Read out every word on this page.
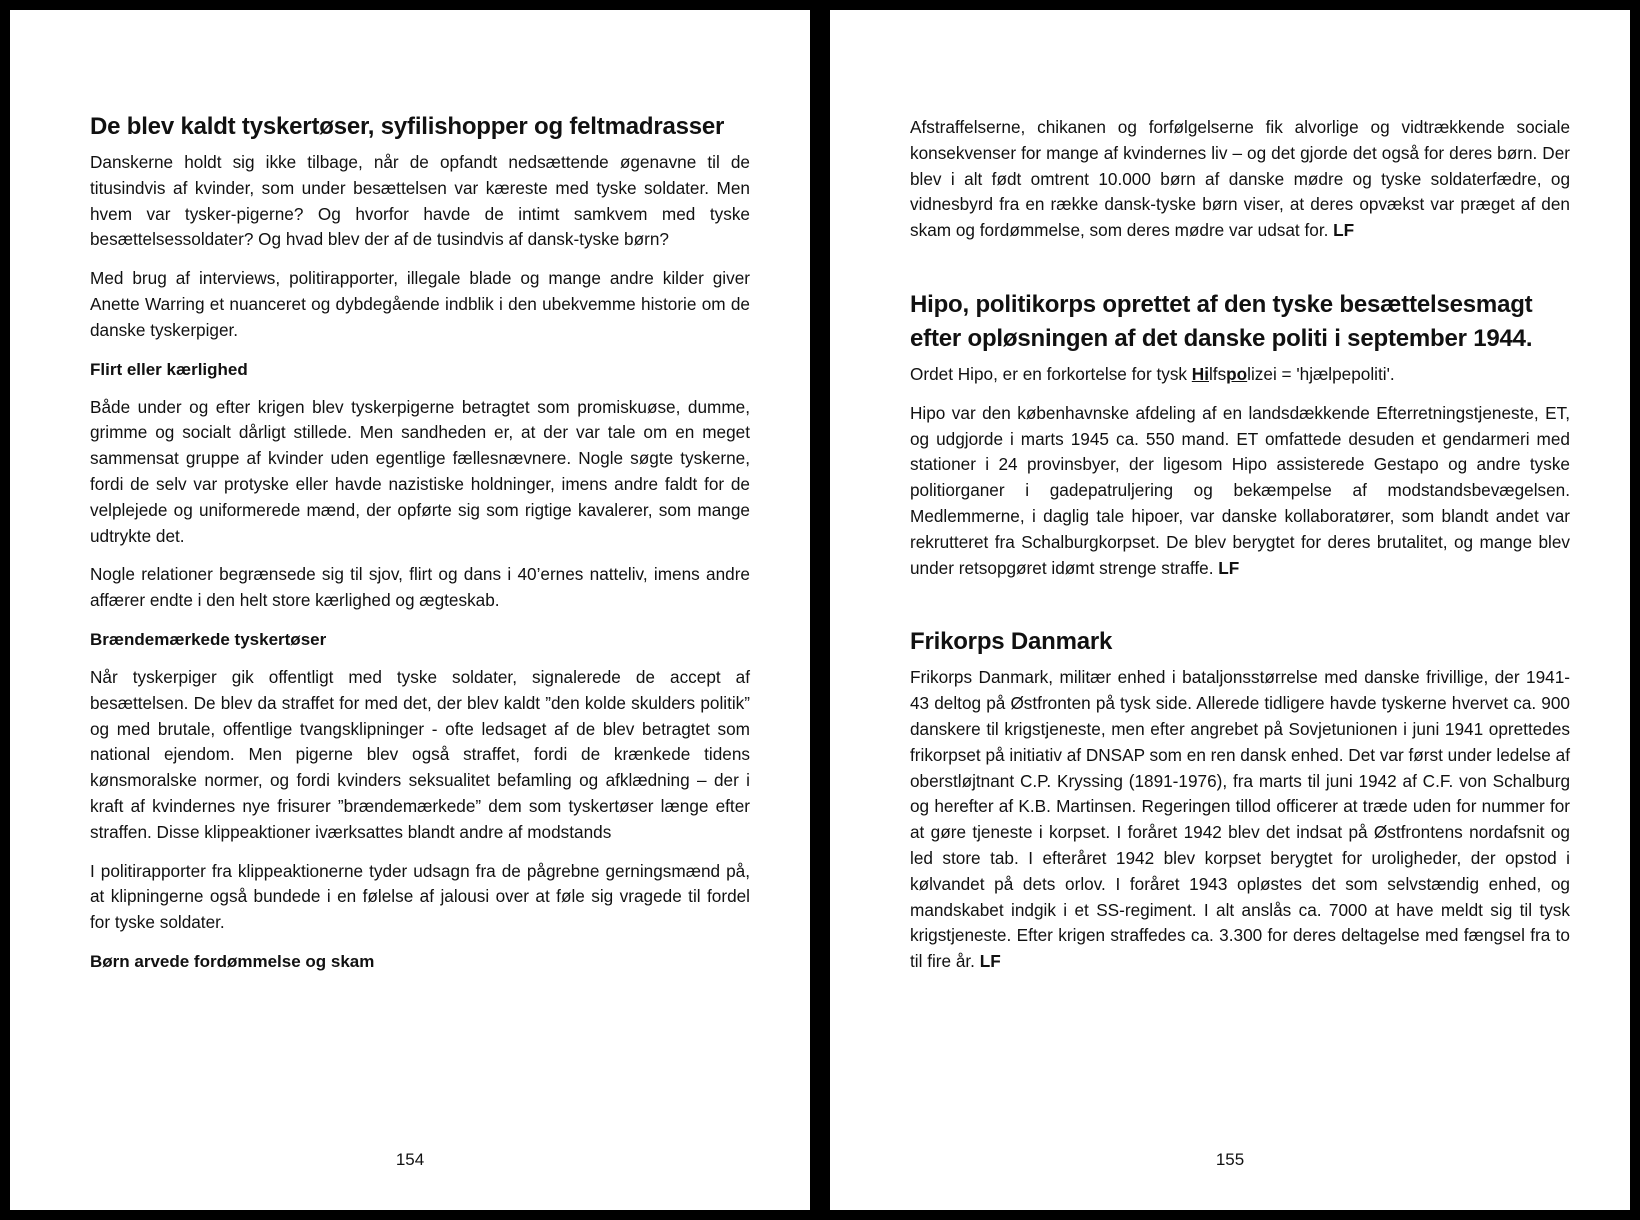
De blev kaldt tyskertøser, syfilishopper og feltmadrasser

Danskerne holdt sig ikke tilbage, når de opfandt nedsættende øgenavne til de titusindvis af kvinder, som under besættelsen var kæreste med tyske soldater. Men hvem var tysker-pigerne? Og hvorfor havde de intimt samkvem med tyske besættelsessoldater? Og hvad blev der af de tusindvis af dansk-tyske børn?

Med brug af interviews, politirapporter, illegale blade og mange andre kilder giver Anette Warring et nuanceret og dybdegående indblik i den ubekvemme historie om de danske tyskerpiger.

Flirt eller kærlighed

Både under og efter krigen blev tyskerpigerne betragtet som promiskuøse, dumme, grimme og socialt dårligt stillede. Men sandheden er, at der var tale om en meget sammensat gruppe af kvinder uden egentlige fællesnævnere. Nogle søgte tyskerne, fordi de selv var protyske eller havde nazistiske holdninger, imens andre faldt for de velplejede og uniformerede mænd, der opførte sig som rigtige kavalerer, som mange udtrykte det.

Nogle relationer begrænsede sig til sjov, flirt og dans i 40’ernes natteliv, imens andre affærer endte i den helt store kærlighed og ægteskab.

Brændemærkede tyskertøser

Når tyskerpiger gik offentligt med tyske soldater, signalerede de accept af besættelsen. De blev da straffet for med det, der blev kaldt ”den kolde skulders politik” og med brutale, offentlige tvangsklipninger - ofte ledsaget af de blev betragtet som national ejendom. Men pigerne blev også straffet, fordi de krænkede tidens kønsmoralske normer, og fordi kvinders seksualitet befamling og afklædning – der i kraft af kvindernes nye frisurer ”brændemærkede” dem som tyskertøser længe efter straffen. Disse klippeaktioner iværksattes blandt andre af modstands

I politirapporter fra klippeaktionerne tyder udsagn fra de pågrebne gerningsmænd på, at klipningerne også bundede i en følelse af jalousi over at føle sig vragede til fordel for tyske soldater.

Børn arvede fordømmelse og skam
154

Afstraffelserne, chikanen og forfølgelserne fik alvorlige og vidtrækkende sociale konsekvenser for mange af kvindernes liv – og det gjorde det også for deres børn. Der blev i alt født omtrent 10.000 børn af danske mødre og tyske soldaterfædre, og vidnesbyrd fra en række dansk-tyske børn viser, at deres opvækst var præget af den skam og fordømmelse, som deres mødre var udsat for. LF

Hipo, politikorps oprettet af den tyske besættelsesmagt efter opløsningen af det danske politi i september 1944.

Ordet Hipo, er en forkortelse for tysk Hilfspolizei = 'hjælpepoliti'.

Hipo var den københavnske afdeling af en landsdækkende Efterretningstjeneste, ET, og udgjorde i marts 1945 ca. 550 mand. ET omfattede desuden et gendarmeri med stationer i 24 provinsbyer, der ligesom Hipo assisterede Gestapo og andre tyske politiorganer i gadepatruljering og bekæmpelse af modstandsbevægelsen. Medlemmerne, i daglig tale hipoer, var danske kollaboratører, som blandt andet var rekrutteret fra Schalburgkorpset. De blev berygtet for deres brutalitet, og mange blev under retsopgøret idømt strenge straffe. LF

Frikorps Danmark

Frikorps Danmark, militær enhed i bataljonsstørrelse med danske frivillige, der 1941-43 deltog på Østfronten på tysk side. Allerede tidligere havde tyskerne hvervet ca. 900 danskere til krigstjeneste, men efter angrebet på Sovjetunionen i juni 1941 oprettedes frikorpset på initiativ af DNSAP som en ren dansk enhed. Det var først under ledelse af oberstløjtnant C.P. Kryssing (1891-1976), fra marts til juni 1942 af C.F. von Schalburg og herefter af K.B. Martinsen. Regeringen tillod officerer at træde uden for nummer for at gøre tjeneste i korpset. I foråret 1942 blev det indsat på Østfrontens nordafsnit og led store tab. I efteråret 1942 blev korpset berygtet for uroligheder, der opstod i kølvandet på dets orlov. I foråret 1943 opløstes det som selvstændig enhed, og mandskabet indgik i et SS-regiment. I alt anslås ca. 7000 at have meldt sig til tysk krigstjeneste. Efter krigen straffedes ca. 3.300 for deres deltagelse med fængsel fra to til fire år. LF

155
